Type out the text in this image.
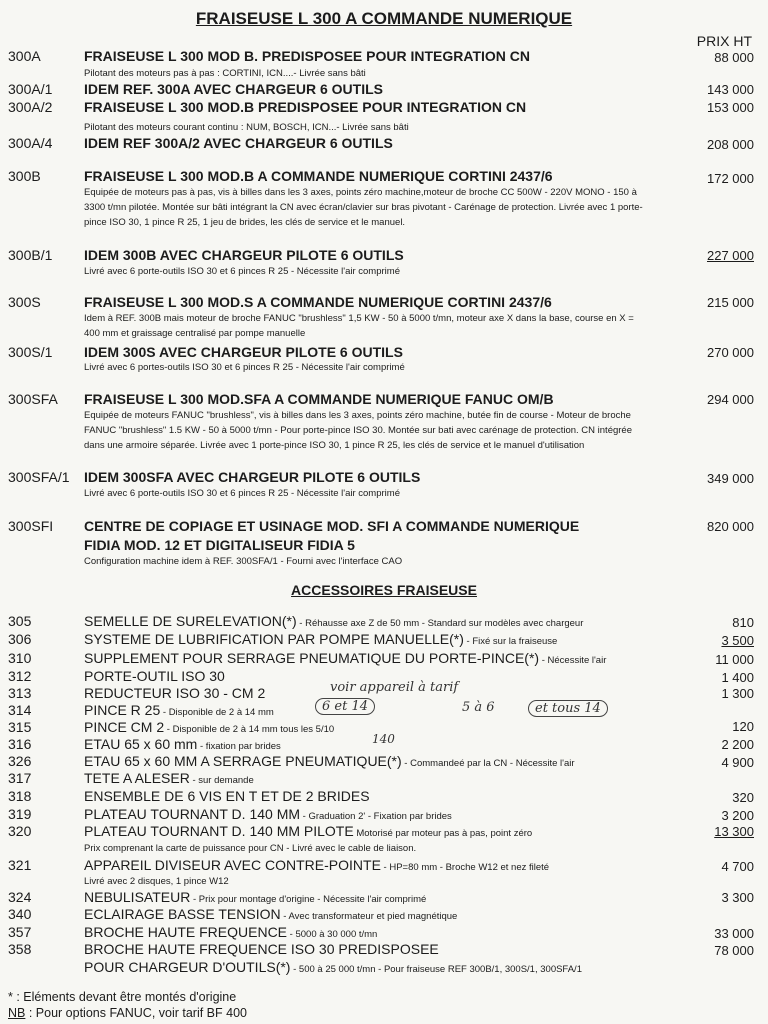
FRAISEUSE L 300 A COMMANDE NUMERIQUE
PRIX HT
300A	FRAISEUSE L 300 MOD B. PREDISPOSEE POUR INTEGRATION CN	88 000
Pilotant des moteurs pas à pas : CORTINI, ICN....- Livrée sans bâti
300A/1 IDEM REF. 300A AVEC CHARGEUR 6 OUTILS	143 000
300A/2 FRAISEUSE L 300 MOD.B PREDISPOSEE POUR INTEGRATION CN	153 000
Pilotant des moteurs courant continu : NUM, BOSCH, ICN...- Livrée sans bâti
300A/4 IDEM REF 300A/2 AVEC CHARGEUR 6 OUTILS	208 000
300B	FRAISEUSE L 300 MOD.B A COMMANDE NUMERIQUE CORTINI 2437/6	172 000
Equipée de moteurs pas à pas, vis à billes dans les 3 axes, points zéro machine,moteur de broche CC 500W - 220V MONO - 150 à 3300 t/mn pilotée. Montée sur bâti intégrant la CN avec écran/clavier sur bras pivotant - Carénage de protection. Livrée avec 1 porte-pince ISO 30, 1 pince R 25, 1 jeu de brides, les clés de service et le manuel.
300B/1 IDEM 300B AVEC CHARGEUR PILOTE 6 OUTILS	227 000
Livré avec 6 porte-outils ISO 30 et 6 pinces R 25 - Nécessite l'air comprimé
300S	FRAISEUSE L 300 MOD.S A COMMANDE NUMERIQUE CORTINI 2437/6	215 000
Idem à REF. 300B mais moteur de broche FANUC "brushless" 1,5 KW - 50 à 5000 t/mn, moteur axe X dans la base, course en X = 400 mm et graissage centralisé par pompe manuelle
300S/1 IDEM 300S AVEC CHARGEUR PILOTE 6 OUTILS	270 000
Livré avec 6 portes-outils ISO 30 et 6 pinces R 25 - Nécessite l'air comprimé
300SFA FRAISEUSE L 300 MOD.SFA A COMMANDE NUMERIQUE FANUC OM/B	294 000
Equipée de moteurs FANUC "brushless", vis à billes dans les 3 axes, points zéro machine, butée fin de course - Moteur de broche FANUC "brushless" 1.5 KW - 50 à 5000 t/mn - Pour porte-pince ISO 30. Montée sur bati avec carénage de protection. CN intégrée dans une armoire séparée. Livrée avec 1 porte-pince ISO 30, 1 pince R 25, les clés de service et le manuel d'utilisation
300SFA/1 IDEM 300SFA AVEC CHARGEUR PILOTE 6 OUTILS	349 000
Livré avec 6 porte-outils ISO 30 et 6 pinces R 25 - Nécessite l'air comprimé
300SFI CENTRE DE COPIAGE ET USINAGE MOD. SFI A COMMANDE NUMERIQUE
FIDIA MOD. 12 ET DIGITALISEUR FIDIA 5
820 000
Configuration machine idem à REF. 300SFA/1 - Fourni avec l'interface CAO
ACCESSOIRES FRAISEUSE
305	SEMELLE DE SURELEVATION(*) - Réhausse axe Z de 50 mm - Standard sur modèles avec chargeur	810
306	SYSTEME DE LUBRIFICATION PAR POMPE MANUELLE(*) - Fixé sur la fraiseuse	3 500
310	SUPPLEMENT POUR SERRAGE PNEUMATIQUE DU PORTE-PINCE(*) - Nécessite l'air	11 000
312	PORTE-OUTIL ISO 30	1 400
313	REDUCTEUR ISO 30 - CM 2	1 300
314	PINCE R 25 - Disponible de 2 à 14 mm
315	PINCE CM 2 - Disponible de 2 à 14 mm tous les 5/10	120
316	ETAU 65 x 60 mm - fixation par brides	2 200
326	ETAU 65 x 60 MM A SERRAGE PNEUMATIQUE(*) - Commandeé par la CN - Nécessite l'air	4 900
317	TETE A ALESER - sur demande
318	ENSEMBLE DE 6 VIS EN T ET DE 2 BRIDES	320
319	PLATEAU TOURNANT D. 140 MM - Graduation 2' - Fixation par brides	3 200
320	PLATEAU TOURNANT D. 140 MM PILOTE Motorisé par moteur pas à pas, point zéro	13 300
Prix comprenant la carte de puissance pour CN - Livré avec le cable de liaison.
321	APPAREIL DIVISEUR AVEC CONTRE-POINTE - HP=80 mm - Broche W12 et nez fileté	4 700
Livré avec 2 disques, 1 pince W12
324	NEBULISATEUR - Prix pour montage d'origine - Nécessite l'air comprimé	3 300
340	ECLAIRAGE BASSE TENSION - Avec transformateur et pied magnétique
357	BROCHE HAUTE FREQUENCE - 5000 à 30 000 t/mn	33 000
358	BROCHE HAUTE FREQUENCE ISO 30 PREDISPOSEE	78 000
POUR CHARGEUR D'OUTILS(*) - 500 à 25 000 t/mn - Pour fraiseuse REF 300B/1, 300S/1, 300SFA/1
voir appareil à tarif
6 et 14	5 à 6	et tous 14
140
* : Eléments devant être montés d'origine
NB : Pour options FANUC, voir tarif BF 400
